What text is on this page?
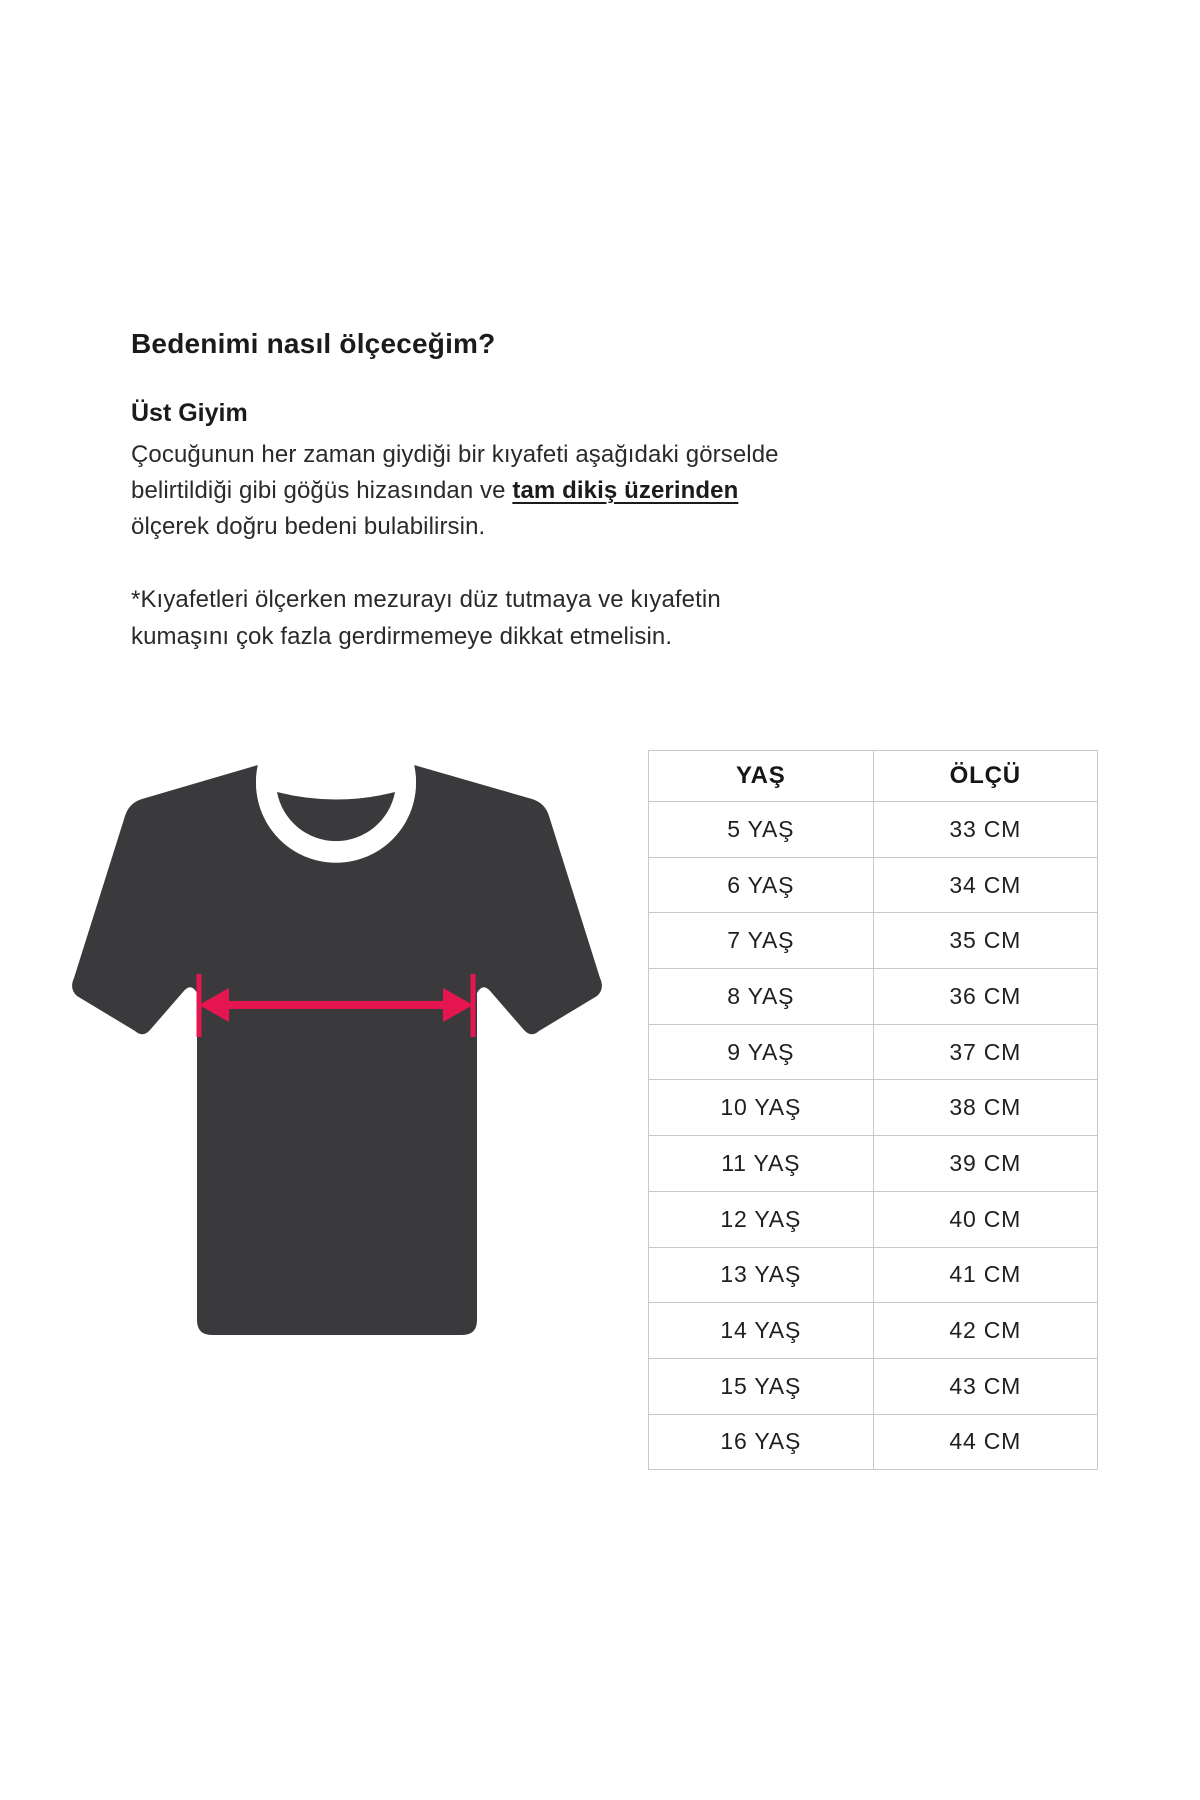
Bedenimi nasıl ölçeceğim?
Üst Giyim
Çocuğunun her zaman giydiği bir kıyafeti aşağıdaki görselde
belirtildiği gibi göğüs hizasından ve tam dikiş üzerinden
ölçerek doğru bedeni bulabilirsin.
*Kıyafetleri ölçerken mezurayı düz tutmaya ve kıyafetin
kumaşını çok fazla gerdirmemeye dikkat etmelisin.
YAŞ	ÖLÇÜ
5 YAŞ	33 CM
6 YAŞ	34 CM
7 YAŞ	35 CM
8 YAŞ	36 CM
9 YAŞ	37 CM
10 YAŞ	38 CM
11 YAŞ	39 CM
12 YAŞ	40 CM
13 YAŞ	41 CM
14 YAŞ	42 CM
15 YAŞ	43 CM
16 YAŞ	44 CM
